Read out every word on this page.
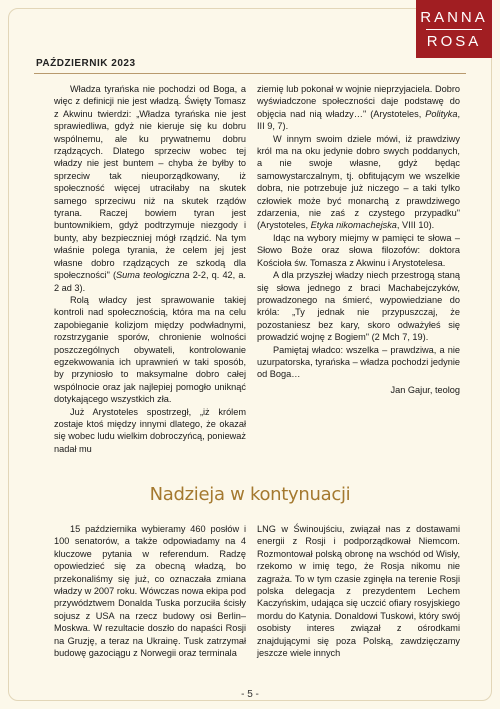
RANNA
ROSA
PAŹDZIERNIK 2023

Władza tyrańska nie pochodzi od Boga, a więc z definicji nie jest władzą. Święty Tomasz z Akwinu twierdzi: „Władza tyrańska nie jest sprawiedliwa, gdyż nie kieruje się ku dobru wspólnemu, ale ku prywatnemu dobru rządzących. Dlatego sprzeciw wobec tej władzy nie jest buntem – chyba że byłby to sprzeciw tak nieuporządkowany, iż społeczność więcej utraciłaby na skutek samego sprzeciwu niż na skutek rządów tyrana. Raczej bowiem tyran jest buntownikiem, gdyż podtrzymuje niezgody i bunty, aby bezpieczniej mógł rządzić. Na tym właśnie polega tyrania, że celem jej jest własne dobro rządzących ze szkodą dla społeczności" (Suma teologiczna 2-2, q. 42, a. 2 ad 3).

Rolą władcy jest sprawowanie takiej kontroli nad społecznością, która ma na celu zapobieganie kolizjom między podwładnymi, rozstrzyganie sporów, chronienie wolności poszczególnych obywateli, kontrolowanie egzekwowania ich uprawnień w taki sposób, by przyniosło to maksymalne dobro całej wspólnocie oraz jak najlepiej pomogło uniknąć dotykającego wszystkich zła.

Już Arystoteles spostrzegł, „iż królem zostaje ktoś między innymi dlatego, że okazał się wobec ludu wielkim dobroczyńcą, ponieważ nadał mu

ziemię lub pokonał w wojnie nieprzyjaciela. Dobro wyświadczone społeczności daje podstawę do objęcia nad nią władzy…" (Arystoteles, Polityka, III 9, 7).

W innym swoim dziele mówi, iż prawdziwy król ma na oku jedynie dobro swych poddanych, a nie swoje własne, gdyż będąc samowystarczalnym, tj. obfitującym we wszelkie dobra, nie potrzebuje już niczego – a taki tylko człowiek może być monarchą z prawdziwego zdarzenia, nie zaś z czystego przypadku" (Arystoteles, Etyka nikomachejska, VIII 10).

Idąc na wybory miejmy w pamięci te słowa – Słowo Boże oraz słowa filozofów: doktora Kościoła św. Tomasza z Akwinu i Arystotelesa.

A dla przyszłej władzy niech przestrogą staną się słowa jednego z braci Machabejczyków, prowadzonego na śmierć, wypowiedziane do króla: „Ty jednak nie przypuszczaj, że pozostaniesz bez kary, skoro odważyłeś się prowadzić wojnę z Bogiem" (2 Mch 7, 19).

Pamiętaj władco: wszelka – prawdziwa, a nie uzurpatorska, tyrańska – władza pochodzi jedynie od Boga…

Jan Gajur, teolog

Nadzieja w kontynuacji

15 października wybieramy 460 posłów i 100 senatorów, a także odpowiadamy na 4 kluczowe pytania w referendum. Radzę opowiedzieć się za obecną władzą, bo przekonaliśmy się już, co oznaczała zmiana władzy w 2007 roku. Wówczas nowa ekipa pod przywództwem Donalda Tuska porzuciła ścisły sojusz z USA na rzecz budowy osi Berlin–Moskwa. W rezultacie doszło do napaści Rosji na Gruzję, a teraz na Ukrainę. Tusk zatrzymał budowę gazociągu z Norwegii oraz terminala

LNG w Świnoujściu, związał nas z dostawami energii z Rosji i podporządkował Niemcom. Rozmontował polską obronę na wschód od Wisły, rzekomo w imię tego, że Rosja nikomu nie zagraża. To w tym czasie zginęła na terenie Rosji polska delegacja z prezydentem Lechem Kaczyńskim, udająca się uczcić ofiary rosyjskiego mordu do Katynia. Donaldowi Tuskowi, który swój osobisty interes związał z ośrodkami znajdującymi się poza Polską, zawdzięczamy jeszcze wiele innych

- 5 -
